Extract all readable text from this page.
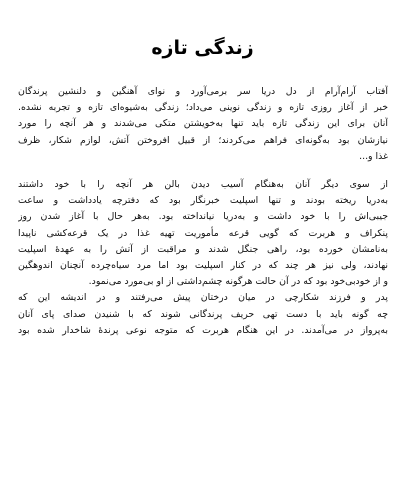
زندگی تازه

آفتاب آرام‌آرام از دل دریا سر برمی‌آورد و نوای آهنگین و دلنشین پرندگان

خبر از آغاز روزی تازه و زندگی نوینی می‌داد؛ زندگی به‌شیوه‌ای تازه و تجربه نشده.

آنان برای این زندگی تازه باید تنها به‌خویشتن متکی می‌شدند و هر آنچه را مورد

نیازشان بود به‌گونه‌ای فراهم می‌کردند؛ از قبیل افروختن آتش، لوازم شکار، ظرف

غذا و...

از سوی دیگر آنان به‌هنگام آسیب دیدن بالن هر آنچه را با خود داشتند

به‌دریا ریخته بودند و تنها اسپلیت خبرنگار بود که دفترچه یادداشت و ساعت

جیبی‌اش را با خود داشت و به‌دریا نیانداخته بود. به‌هر حال با آغاز شدن روز

پنکراف و هربرت که گویی قرعه مأموریت تهیه غذا در یک قرعه‌کشی ناپیدا

به‌نامشان خورده بود، راهی جنگل شدند و مراقبت از آتش را به عهدهٔ اسپلیت

نهادند، ولی نیز هر چند که در کنار اسپلیت بود اما مرد سیاه‌چرده آنچنان اندوهگین

و از خودبی‌خود بود که در آن حالت هرگونه چشم‌داشتی از او بی‌مورد می‌نمود.

پدر و فرزند شکارچی در میان درختان پیش می‌رفتند و در اندیشه این که

چه گونه باید با دست تهی حریف پرندگانی شوند که با شنیدن صدای پای آنان

به‌پرواز در می‌آمدند. در این هنگام هربرت که متوجه نوعی پرندهٔ شاخدار شده بود
